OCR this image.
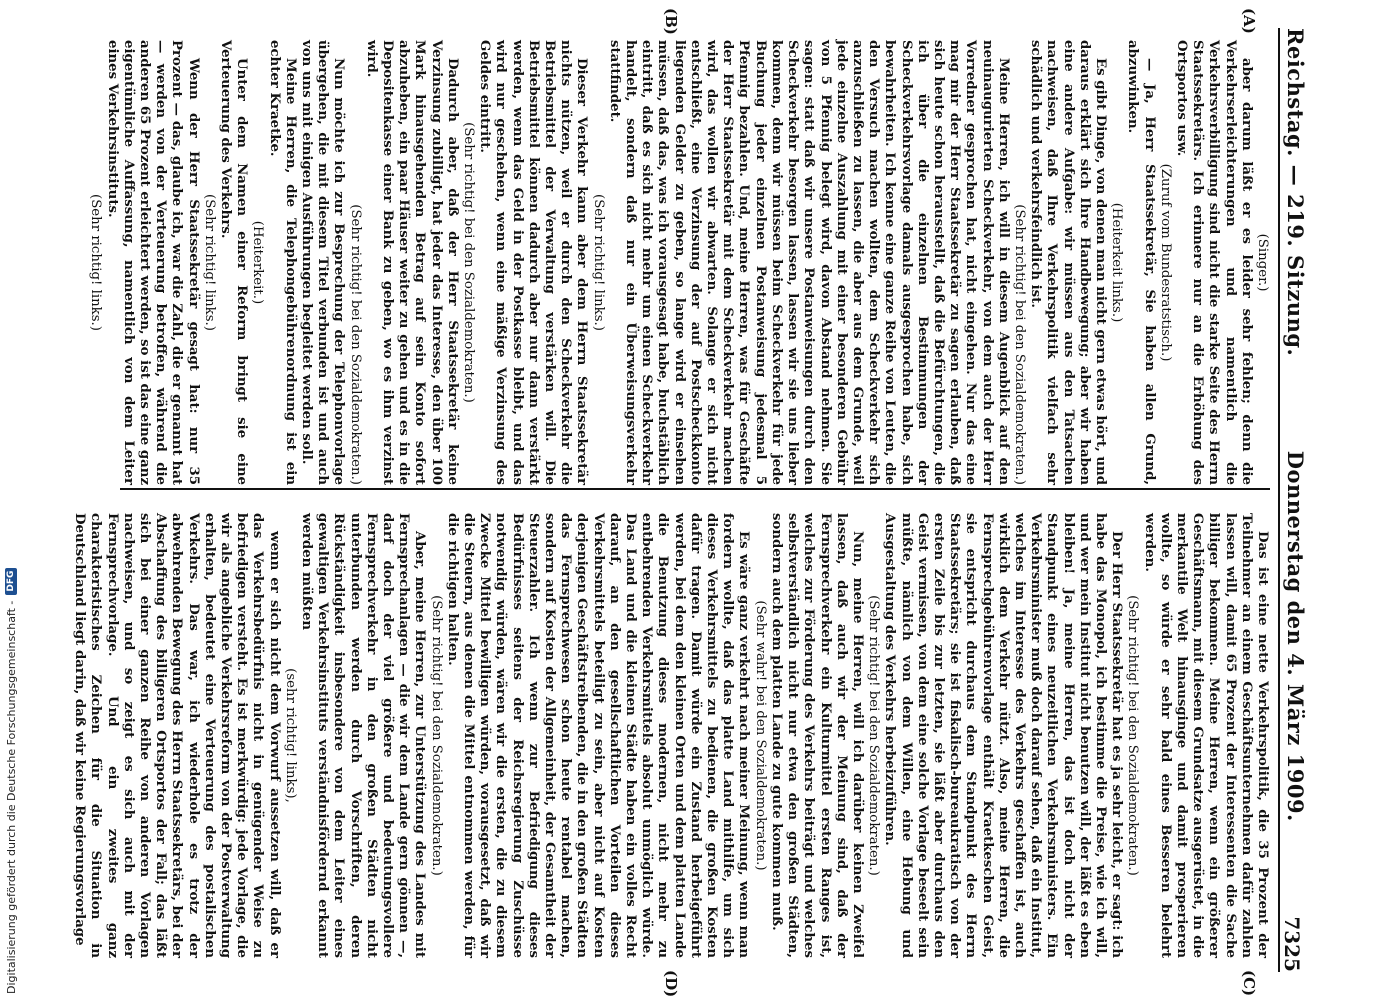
Digitalisierung gefördert durch die Deutsche Forschungsgemeinschaft -
DFG
Reichstag. — 219. Sitzung.
Donnerstag den 4. März 1909.
7325
(A)
(B)
(C)
(D)

(Singer.)

aber darum läßt er es leider sehr fehlen; denn die Verkehrserleichterungen und namentlich die Verkehrsverbilligung sind nicht die starke Seite des Herrn Staatssekretärs. Ich erinnere nur an die Erhöhung des Ortsportos usw.

(Zuruf vom Bundesratstisch.)

— Ja, Herr Staatssekretär, Sie haben allen Grund, abzuwinken.

(Heiterkeit links.)

Es gibt Dinge, von denen man nicht gern etwas hört, und daraus erklärt sich Ihre Handbewegung; aber wir haben eine andere Aufgabe: wir müssen aus den Tatsachen nachweisen, daß Ihre Verkehrspolitik vielfach sehr schädlich und verkehrsfeindlich ist.

(Sehr richtig! bei den Sozialdemokraten.)

Meine Herren, ich will in diesem Augenblick auf den neuinaugurierten Scheckverkehr, von dem auch der Herr Vorredner gesprochen hat, nicht eingehen. Nur das eine mag mir der Herr Staatssekretär zu sagen erlauben, daß sich heute schon herausstellt, daß die Befürchtungen, die ich über die einzelnen Bestimmungen der Scheckverkehrsvorlage damals ausgesprochen habe, sich bewahrheiten. Ich kenne eine ganze Reihe von Leuten, die den Versuch machen wollten, dem Scheckverkehr sich anzuschließen zu lassen, die aber aus dem Grunde, weil jede einzelne Auszahlung mit einer besonderen Gebühr von 5 Pfennig belegt wird, davon Abstand nehmen. Sie sagen: statt daß wir unsere Postanweisungen durch den Scheckverkehr besorgen lassen, lassen wir sie uns lieber kommen, denn wir müssen beim Scheckverkehr für jede Buchung jeder einzelnen Postanweisung jedesmal 5 Pfennig bezahlen. Und, meine Herren, was für Geschäfte der Herr Staatssekretär mit dem Scheckverkehr machen wird, das wollen wir abwarten. Solange er sich nicht entschließt, eine Verzinsung der auf Postscheckkonto liegenden Gelder zu geben, so lange wird er einsehen müssen, daß das, was ich vorausgesagt habe, buchstäblich eintritt, daß es sich nicht mehr um einen Scheckverkehr handelt, sondern daß nur ein Überweisungsverkehr stattfindet.

(Sehr richtig! links.)

Dieser Verkehr kann aber dem Herrn Staatssekretär nichts nützen, weil er durch den Scheckverkehr die Betriebsmittel der Verwaltung verstärken will. Die Betriebsmittel können dadurch aber nur dann verstärkt werden, wenn das Geld in der Postkasse bleibt, und das wird nur geschehen, wenn eine mäßige Verzinsung des Geldes eintritt.

(Sehr richtig! bei den Sozialdemokraten.)

Dadurch aber, daß der Herr Staatssekretär keine Verzinsung zubilligt, hat jeder das Interesse, den über 100 Mark hinausgehenden Betrag auf sein Konto sofort abzuheben, ein paar Häuser weiter zu gehen und es in die Depositenkasse einer Bank zu geben, wo es ihm verzinst wird.

(Sehr richtig! bei den Sozialdemokraten.)

Nun möchte ich zur Besprechung der Telephonvorlage übergehen, die mit diesem Titel verbunden ist und auch von uns mit einigen Ausführungen begleitet werden soll.

Meine Herren, die Telephongebührenordnung ist ein echter Kraetke.

(Heiterkeit.)

Unter dem Namen einer Reform bringt sie eine Verteuerung des Verkehrs.

(Sehr richtig! links.)

Wenn der Herr Staatssekretär gesagt hat: nur 35 Prozent — das, glaube ich, war die Zahl, die er genannt hat — werden von der Verteuerung betroffen, während die anderen 65 Prozent erleichtert werden, so ist das eine ganz eigentümliche Auffassung, namentlich von dem Leiter eines Verkehrsinstituts.

(Sehr richtig! links.)

Das ist eine nette Verkehrspolitik, die 35 Prozent der Teilnehmer an einem Geschäftsunternehmen dafür zahlen lassen will, damit 65 Prozent der Interessenten die Sache billiger bekommen. Meine Herren, wenn ein größerer Geschäftsmann, mit diesem Grundsatze ausgerüstet, in die merkantile Welt hinausginge und damit prosperieren wollte, so würde er sehr bald eines Besseren belehrt werden.

(Sehr richtig! bei den Sozialdemokraten.)

Der Herr Staatssekretär hat es ja sehr leicht, er sagt: ich habe das Monopol, ich bestimme die Preise, wie ich will, und wer mein Institut nicht benutzen will, der läßt es eben bleiben! Ja, meine Herren, das ist doch nicht der Standpunkt eines neuzeitlichen Verkehrsministers. Ein Verkehrsminister muß doch darauf sehen, daß ein Institut, welches im Interesse des Verkehrs geschaffen ist, auch wirklich dem Verkehr nützt. Also, meine Herren, die Fernsprechgebührenvorlage enthält Kraetkeschen Geist, sie entspricht durchaus dem Standpunkt des Herrn Staatssekretärs; sie ist fiskalisch-bureaukratisch von der ersten Zeile bis zur letzten, sie läßt aber durchaus den Geist vermissen, von dem eine solche Vorlage beseelt sein müßte, nämlich von dem Willen, eine Hebung und Ausgestaltung des Verkehrs herbeizuführen.

(Sehr richtig! bei den Sozialdemokraten.)

Nun, meine Herren, will ich darüber keinen Zweifel lassen, daß auch wir der Meinung sind, daß der Fernsprechverkehr ein Kulturmittel ersten Ranges ist, welches zur Förderung des Verkehrs beiträgt und welches selbstverständlich nicht nur etwa den großen Städten, sondern auch dem platten Lande zu gute kommen muß.

(Sehr wahr! bei den Sozialdemokraten.)

Es wäre ganz verkehrt nach meiner Meinung, wenn man fordern wollte, daß das platte Land mithilfe, um sich dieses Verkehrsmittels zu bedienen, die großen Kosten dafür tragen. Damit würde ein Zustand herbeigeführt werden, bei dem den kleinen Orten und dem platten Lande die Benutzung dieses modernen, nicht mehr zu entbehrenden Verkehrsmittels absolut unmöglich würde. Das Land und die kleinen Städte haben ein volles Recht darauf, an den gesellschaftlichen Vorteilen dieses Verkehrsmittels beteiligt zu sein, aber nicht auf Kosten derjenigen Geschäftstreibenden, die in den großen Städten das Fernsprechwesen schon heute rentabel machen, sondern auf Kosten der Allgemeinheit, der Gesamtheit der Steuerzahler. Ich wenn zur Befriedigung dieses Bedürfnisses seitens der Reichsregierung Zuschüsse notwendig würden, wären wir die ersten, die zu diesem Zwecke Mittel bewilligen würden, vorausgesetzt, daß wir die Steuern, aus denen die Mittel entnommen werden, für die richtigen halten.

(Sehr richtig! bei den Sozialdemokraten.)

Aber, meine Herren, zur Unterstützung des Landes mit Fernsprechanlagen — die wir dem Lande gern gönnen —, darf doch der viel größere und bedeutungsvollere Fernsprechverkehr in den großen Städten nicht unterbunden werden durch Vorschriften, deren Rückständigkeit insbesondere von dem Leiter eines gewaltigen Verkehrsinstituts verständnisfördernd erkannt werden müßten

(sehr richtig! links),

wenn er sich nicht dem Vorwurf aussetzen will, daß er das Verkehrsbedürfnis nicht in genügender Weise zu befriedigen versteht. Es ist merkwürdig: jede Vorlage, die wir als angebliche Verkehrsreform von der Postverwaltung erhalten, bedeutet eine Verteuerung des postalischen Verkehrs. Das war, ich wiederhole es trotz der abwehrenden Bewegung des Herrn Staatssekretärs, bei der Abschaffung des billigeren Ortsportos der Fall; das läßt sich bei einer ganzen Reihe von anderen Vorlagen nachweisen, und so zeigt es sich auch mit der Fernsprechvorlage. Und ein zweites ganz charakteristisches Zeichen für die Situation in Deutschland liegt darin, daß wir keine Regierungsvorlage
